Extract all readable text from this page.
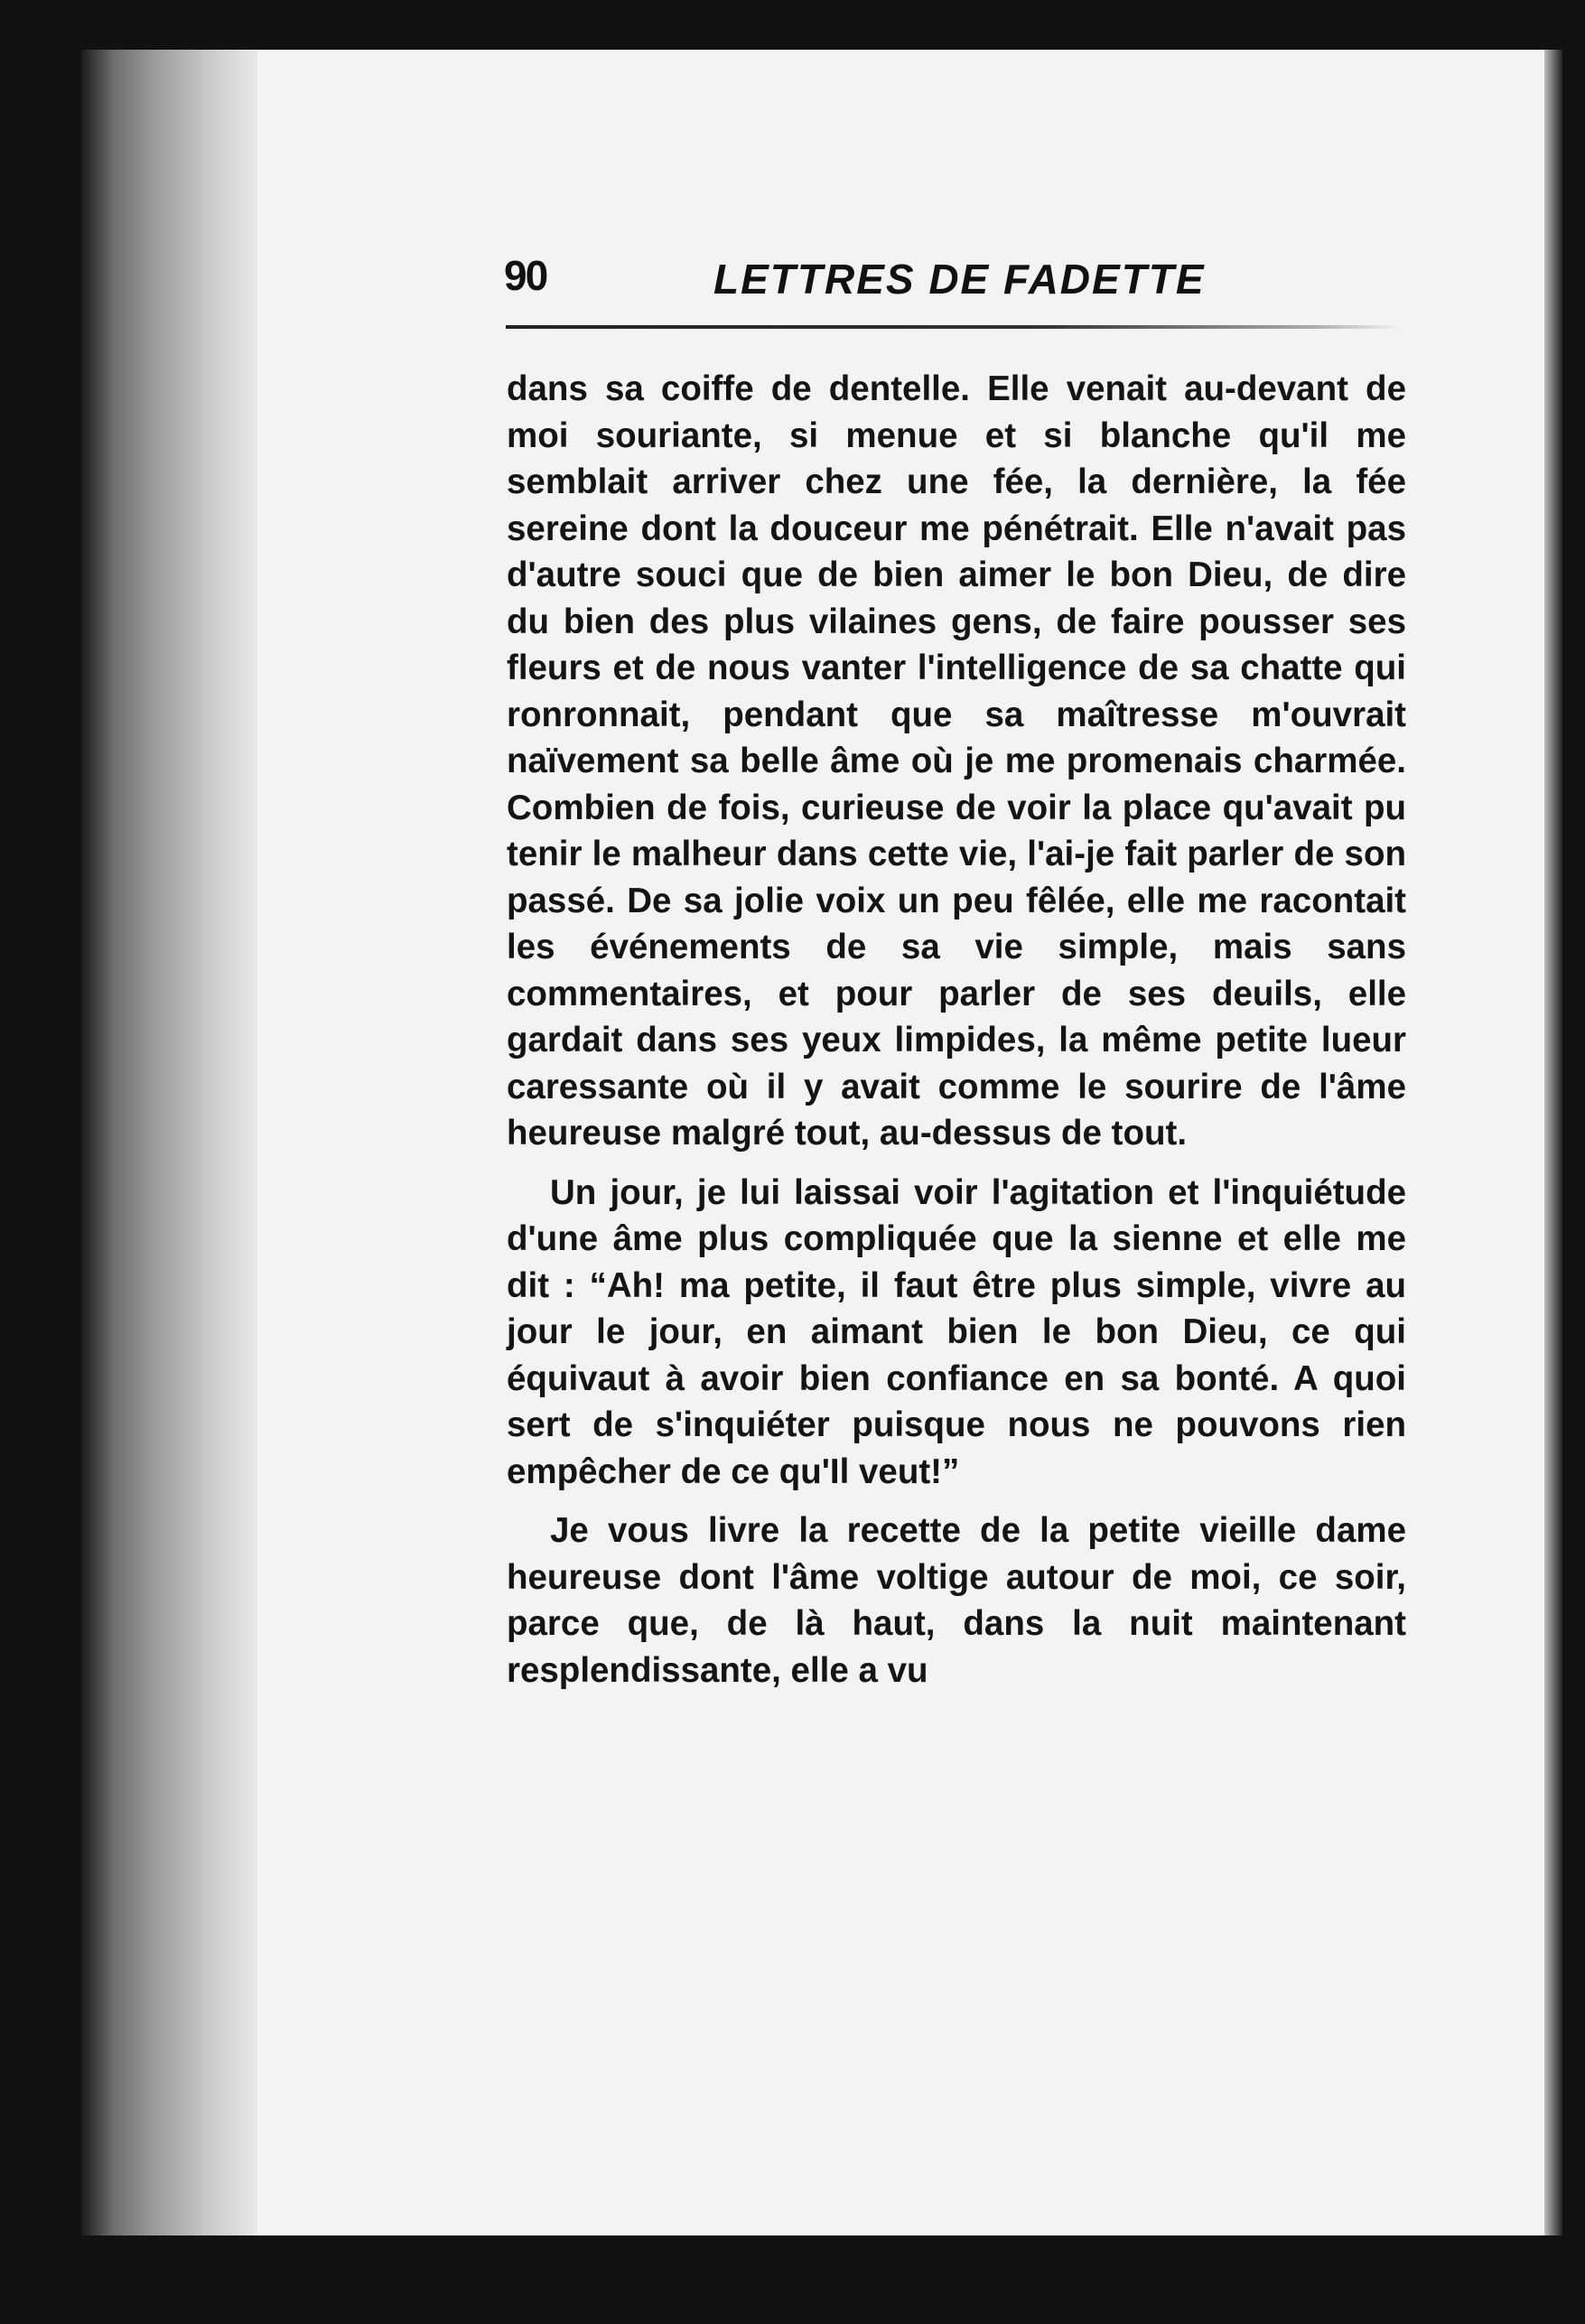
90	LETTRES DE FADETTE

dans sa coiffe de dentelle. Elle venait au-devant de moi souriante, si menue et si blanche qu'il me semblait arriver chez une fée, la dernière, la fée sereine dont la douceur me pénétrait. Elle n'avait pas d'autre souci que de bien aimer le bon Dieu, de dire du bien des plus vilaines gens, de faire pousser ses fleurs et de nous vanter l'intelligence de sa chatte qui ronronnait, pendant que sa maîtresse m'ouvrait naïvement sa belle âme où je me promenais charmée. Combien de fois, curieuse de voir la place qu'avait pu tenir le malheur dans cette vie, l'ai-je fait parler de son passé. De sa jolie voix un peu fêlée, elle me racontait les événements de sa vie simple, mais sans commentaires, et pour parler de ses deuils, elle gardait dans ses yeux limpides, la même petite lueur caressante où il y avait comme le sourire de l'âme heureuse malgré tout, au-dessus de tout.

Un jour, je lui laissai voir l'agitation et l'inquiétude d'une âme plus compliquée que la sienne et elle me dit : “Ah! ma petite, il faut être plus simple, vivre au jour le jour, en aimant bien le bon Dieu, ce qui équivaut à avoir bien confiance en sa bonté. A quoi sert de s'inquiéter puisque nous ne pouvons rien empêcher de ce qu'Il veut!”

Je vous livre la recette de la petite vieille dame heureuse dont l'âme voltige autour de moi, ce soir, parce que, de là haut, dans la nuit maintenant resplendissante, elle a vu
